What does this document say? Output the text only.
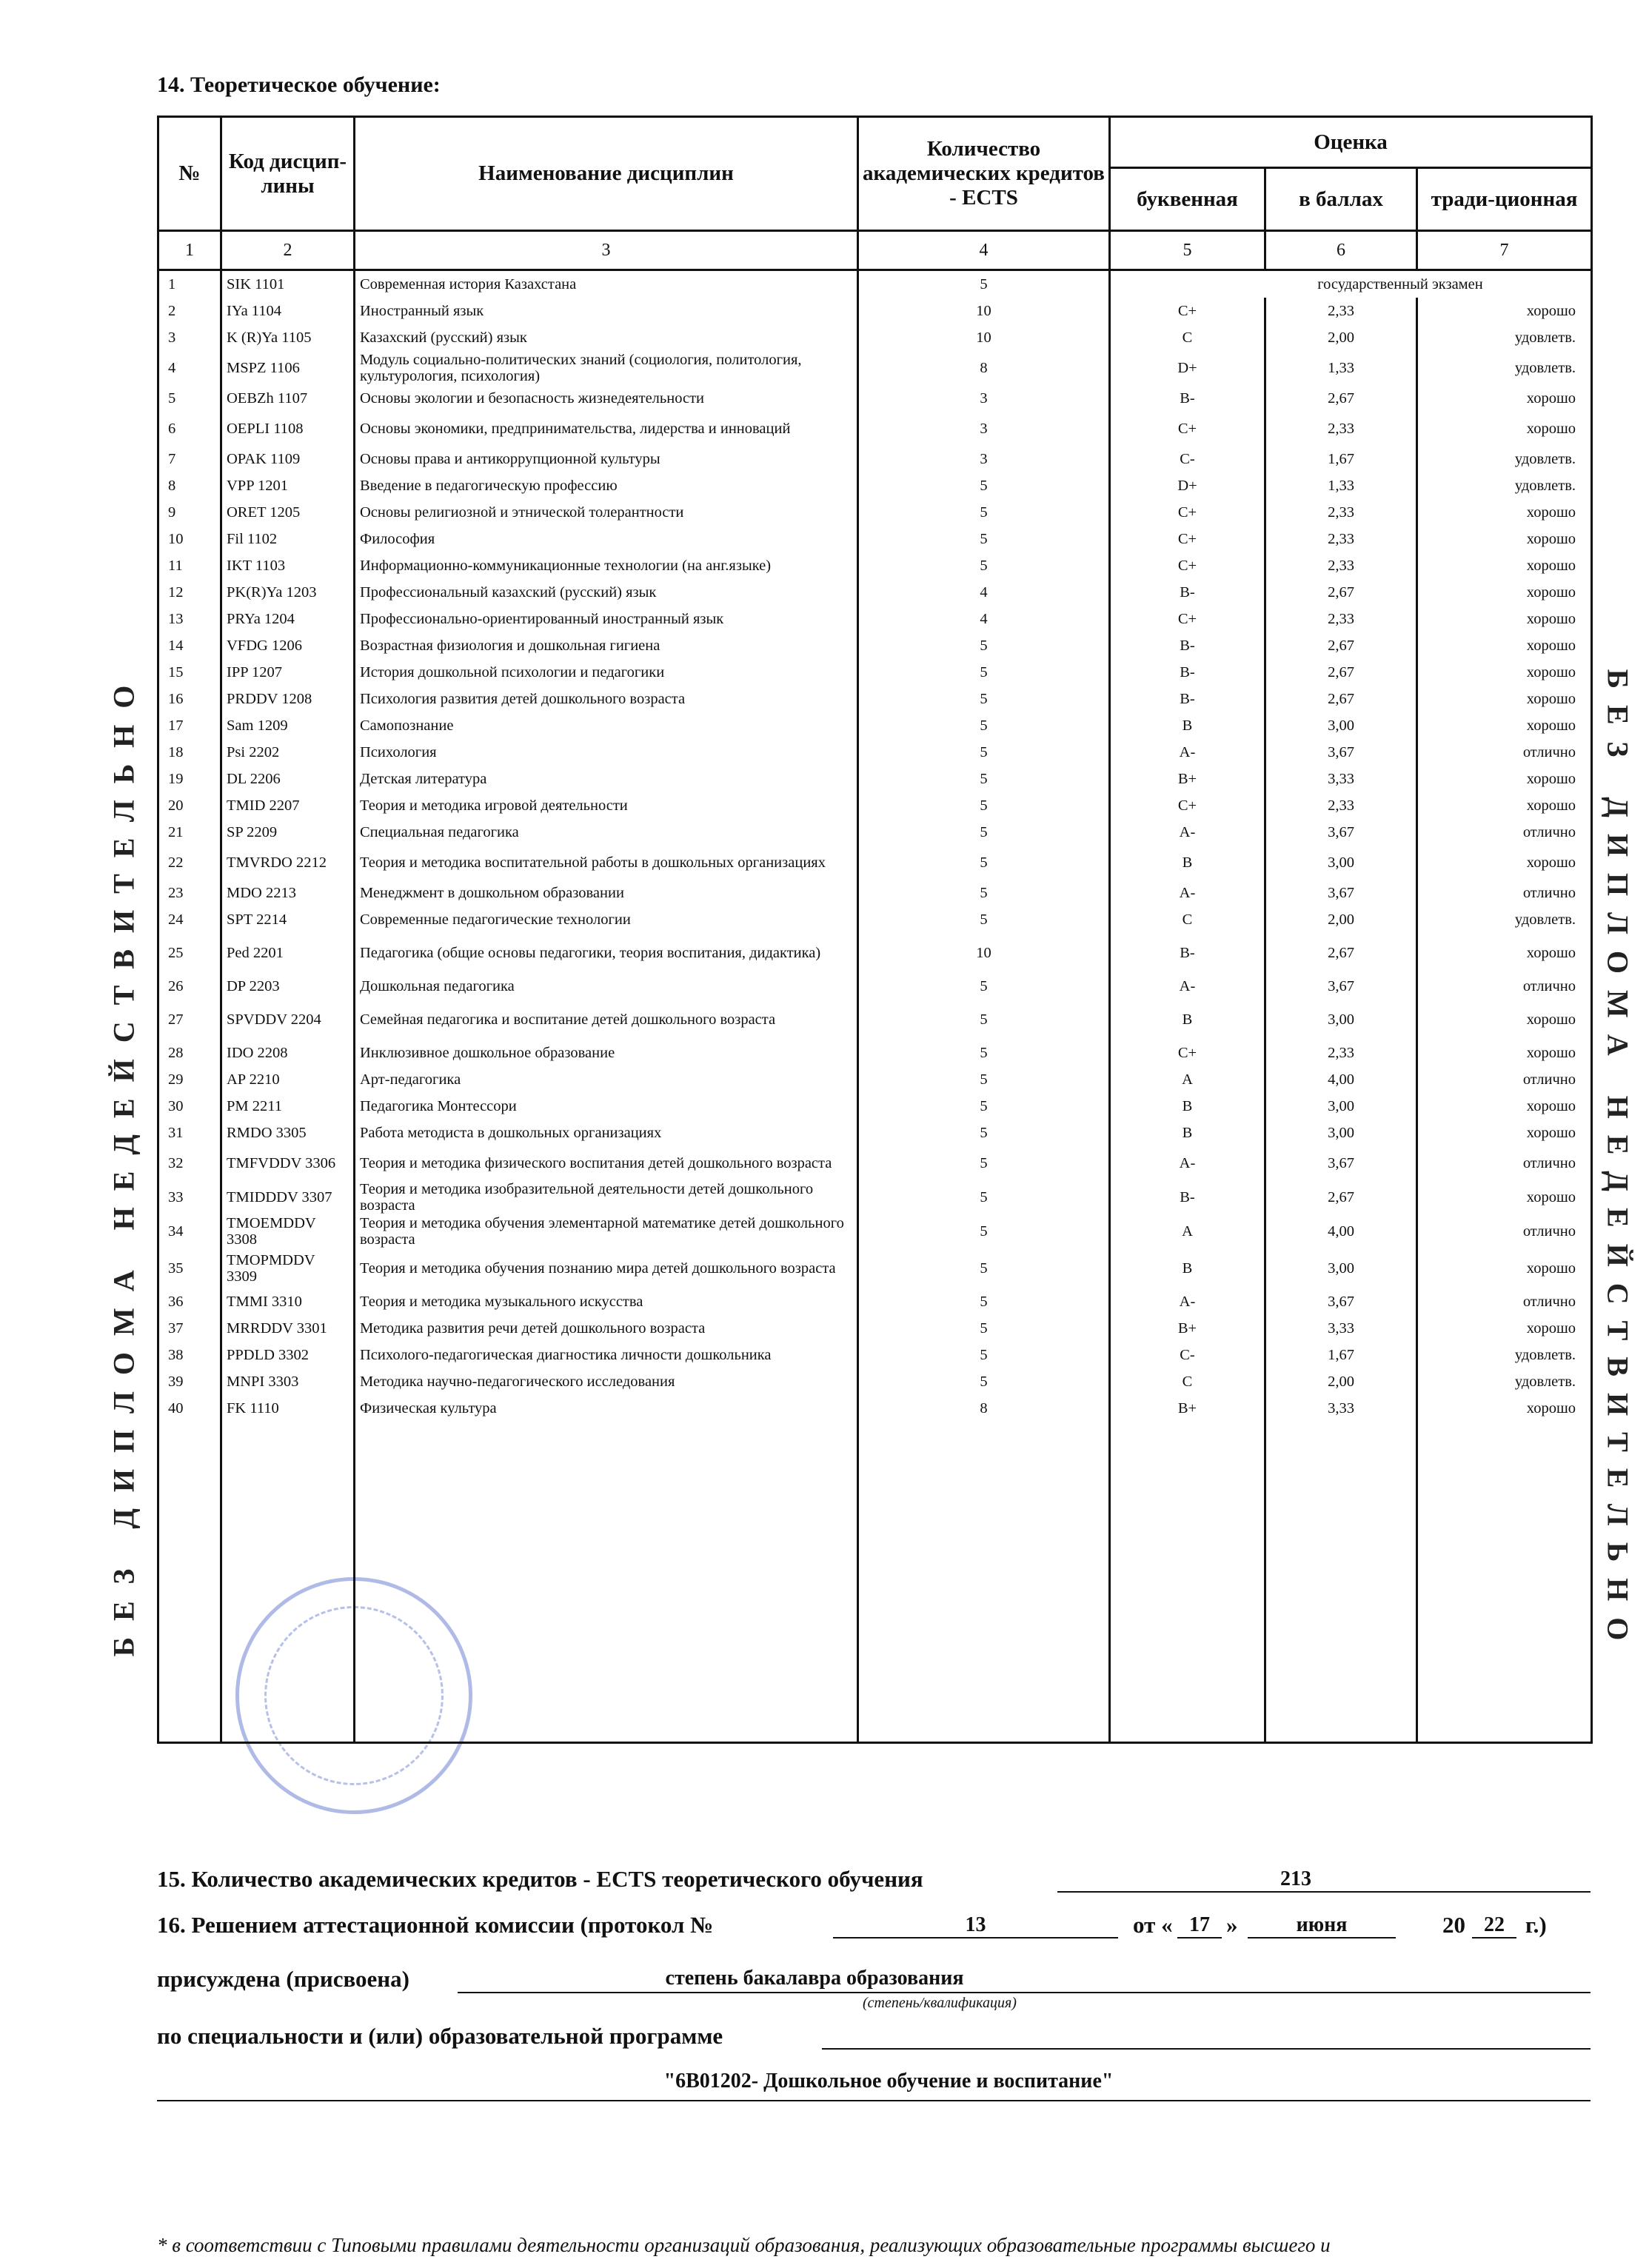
БЕЗ ДИПЛОМА НЕДЕЙСТВИТЕЛЬНО	БЕЗ ДИПЛОМА НЕДЕЙСТВИТЕЛЬНО
14. Теоретическое обучение:
№	Код дисцип-лины	Наименование дисциплин	Количество академических кредитов - ECTS	Оценка		
				буквенная	в баллах	тради-ционная
1	2	3	4	5	6	7
1	SIK 1101	Современная история Казахстана	5	государственный экзамен		
2	IYa 1104	Иностранный язык	10	C+	2,33	хорошо
3	K (R)Ya 1105	Казахский (русский) язык	10	C	2,00	удовлетв.
4	MSPZ 1106	Модуль социально-политических знаний (социология, политология, культурология, психология)	8	D+	1,33	удовлетв.
5	OEBZh 1107	Основы экологии и безопасность жизнедеятельности	3	B-	2,67	хорошо
6	OEPLI 1108	Основы экономики, предпринимательства, лидерства и инноваций	3	C+	2,33	хорошо
7	OPAK 1109	Основы права и антикоррупционной культуры	3	C-	1,67	удовлетв.
8	VPP 1201	Введение в педагогическую профессию	5	D+	1,33	удовлетв.
9	ORET 1205	Основы религиозной и этнической толерантности	5	C+	2,33	хорошо
10	Fil 1102	Философия	5	C+	2,33	хорошо
11	IKT 1103	Информационно-коммуникационные технологии (на анг.языке)	5	C+	2,33	хорошо
12	PK(R)Ya 1203	Профессиональный казахский (русский) язык	4	B-	2,67	хорошо
13	PRYa 1204	Профессионально-ориентированный иностранный язык	4	C+	2,33	хорошо
14	VFDG 1206	Возрастная физиология и дошкольная гигиена	5	B-	2,67	хорошо
15	IPP 1207	История дошкольной психологии и педагогики	5	B-	2,67	хорошо
16	PRDDV 1208	Психология развития детей дошкольного возраста	5	B-	2,67	хорошо
17	Sam 1209	Самопознание	5	B	3,00	хорошо
18	Psi 2202	Психология	5	A-	3,67	отлично
19	DL 2206	Детская литература	5	B+	3,33	хорошо
20	TMID 2207	Теория и методика игровой деятельности	5	C+	2,33	хорошо
21	SP 2209	Специальная педагогика	5	A-	3,67	отлично
22	TMVRDO 2212	Теория и методика воспитательной работы в дошкольных организациях	5	B	3,00	хорошо
23	MDO 2213	Менеджмент в дошкольном образовании	5	A-	3,67	отлично
24	SPT 2214	Современные педагогические технологии	5	C	2,00	удовлетв.
25	Ped 2201	Педагогика (общие основы педагогики, теория воспитания, дидактика)	10	B-	2,67	хорошо
26	DP 2203	Дошкольная педагогика	5	A-	3,67	отлично
27	SPVDDV 2204	Семейная педагогика и воспитание детей дошкольного возраста	5	B	3,00	хорошо
28	IDO 2208	Инклюзивное дошкольное образование	5	C+	2,33	хорошо
29	AP 2210	Арт-педагогика	5	A	4,00	отлично
30	PM 2211	Педагогика Монтессори	5	B	3,00	хорошо
31	RMDO 3305	Работа методиста в дошкольных организациях	5	B	3,00	хорошо
32	TMFVDDV 3306	Теория и методика физического воспитания детей дошкольного возраста	5	A-	3,67	отлично
33	TMIDDDV 3307	Теория и методика изобразительной деятельности детей дошкольного возраста	5	B-	2,67	хорошо
34	TMOEMDDV 3308	Теория и методика обучения элементарной математике детей дошкольного возраста	5	A	4,00	отлично
35	TMOPMDDV 3309	Теория и методика обучения познанию мира детей дошкольного возраста	5	B	3,00	хорошо
36	TMMI 3310	Теория и методика музыкального искусства	5	A-	3,67	отлично
37	MRRDDV 3301	Методика развития речи детей дошкольного возраста	5	B+	3,33	хорошо
38	PPDLD 3302	Психолого-педагогическая диагностика личности дошкольника	5	C-	1,67	удовлетв.
39	MNPI 3303	Методика научно-педагогического исследования	5	C	2,00	удовлетв.
40	FK 1110	Физическая культура	8	B+	3,33	хорошо

15. Количество академических кредитов - ECTS теоретического обучения	213
16. Решением аттестационной комиссии (протокол №	13	от « 17 »	июня	20 22 г.)
присуждена (присвоена)	степень бакалавра образования
(степень/квалификация)
по специальности и (или) образовательной программе
"6В01202- Дошкольное обучение и воспитание"
* в соответствии с Типовыми правилами деятельности организаций образования, реализующих образовательные программы высшего и
